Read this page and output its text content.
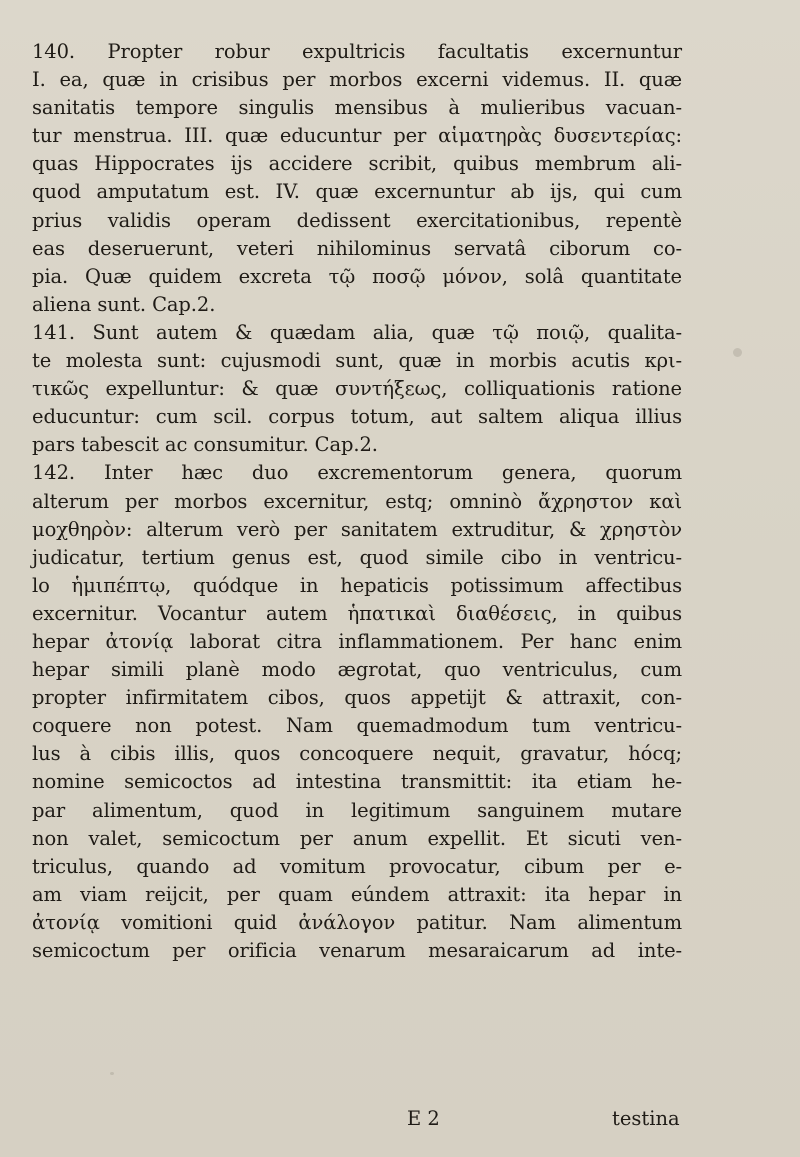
140. Propter robur expultricis facultatis excernuntur
I. ea, quæ in crisibus per morbos excerni videmus. II. quæ
sanitatis tempore singulis mensibus à mulieribus vacuan-
tur menstrua. III. quæ educuntur per αἱματηρὰς δυσεντερίας:
quas Hippocrates ijs accidere scribit, quibus membrum ali-
quod amputatum est. IV. quæ excernuntur ab ijs, qui cum
prius validis operam dedissent exercitationibus, repentè
eas deseruerunt, veteri nihilominus servatâ ciborum co-
pia. Quæ quidem excreta τῷ ποσῷ μόνον, solâ quantitate
aliena sunt. Cap.2.
141. Sunt autem & quædam alia, quæ τῷ ποιῷ, qualita-
te molesta sunt: cujusmodi sunt, quæ in morbis acutis κρι-
τικῶς expelluntur: & quæ συντήξεως, colliquationis ratione
educuntur: cum scil. corpus totum, aut saltem aliqua illius
pars tabescit ac consumitur. Cap.2.
142. Inter hæc duo excrementorum genera, quorum
alterum per morbos excernitur, estq; omninò ἄχρηστον καὶ
μοχθηρὸν: alterum verò per sanitatem extruditur, & χρηστὸν
judicatur, tertium genus est, quod simile cibo in ventricu-
lo ἡμιπέπτῳ, quódque in hepaticis potissimum affectibus
excernitur. Vocantur autem ἡπατικαὶ διαθέσεις, in quibus
hepar ἀτονίᾳ laborat citra inflammationem. Per hanc enim
hepar simili planè modo ægrotat, quo ventriculus, cum
propter infirmitatem cibos, quos appetijt & attraxit, con-
coquere non potest. Nam quemadmodum tum ventricu-
lus à cibis illis, quos concoquere nequit, gravatur, hócq;
nomine semicoctos ad intestina transmittit: ita etiam he-
par alimentum, quod in legitimum sanguinem mutare
non valet, semicoctum per anum expellit. Et sicuti ven-
triculus, quando ad vomitum provocatur, cibum per e-
am viam reijcit, per quam eúndem attraxit: ita hepar in
ἀτονίᾳ vomitioni quid ἀνάλογον patitur. Nam alimentum
semicoctum per orificia venarum mesaraicarum ad inte-
E 2	testina
